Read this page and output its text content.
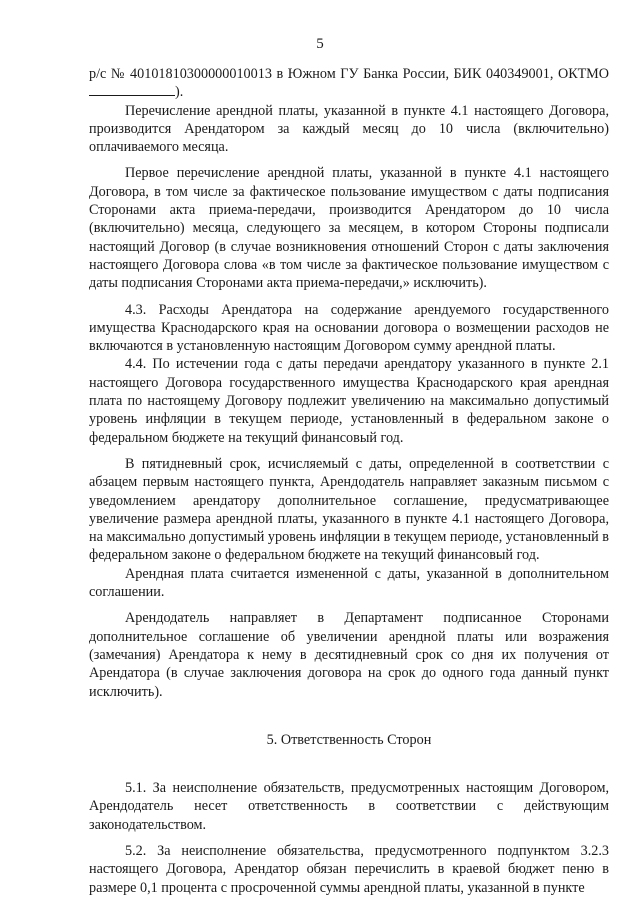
5

р/с № 40101810300000010013 в Южном ГУ Банка России, БИК 040349001, ОКТМО ).

Перечисление арендной платы, указанной в пункте 4.1 настоящего Договора, производится Арендатором за каждый месяц до 10 числа (включительно) оплачиваемого месяца.

Первое перечисление арендной платы, указанной в пункте 4.1 настоящего Договора, в том числе за фактическое пользование имуществом с даты подписания Сторонами акта приема-передачи, производится Арендатором до 10 числа (включительно) месяца, следующего за месяцем, в котором Стороны подписали настоящий Договор (в случае возникновения отношений Сторон с даты заключения настоящего Договора слова «в том числе за фактическое пользование имуществом с даты подписания Сторонами акта приема-передачи,» исключить).

4.3. Расходы Арендатора на содержание арендуемого государственного имущества Краснодарского края на основании договора о возмещении расходов не включаются в установленную настоящим Договором сумму арендной платы.

4.4. По истечении года с даты передачи арендатору указанного в пункте 2.1 настоящего Договора государственного имущества Краснодарского края арендная плата по настоящему Договору подлежит увеличению на максимально допустимый уровень инфляции в текущем периоде, установленный в федеральном законе о федеральном бюджете на текущий финансовый год.

В пятидневный срок, исчисляемый с даты, определенной в соответствии с абзацем первым настоящего пункта, Арендодатель направляет заказным письмом с уведомлением арендатору дополнительное соглашение, предусматривающее увеличение размера арендной платы, указанного в пункте 4.1 настоящего Договора, на максимально допустимый уровень инфляции в текущем периоде, установленный в федеральном законе о федеральном бюджете на текущий финансовый год.

Арендная плата считается измененной с даты, указанной в дополнительном соглашении.

Арендодатель направляет в Департамент подписанное Сторонами дополнительное соглашение об увеличении арендной платы или возражения (замечания) Арендатора к нему в десятидневный срок со дня их получения от Арендатора (в случае заключения договора на срок до одного года данный пункт исключить).

5. Ответственность Сторон

5.1. За неисполнение обязательств, предусмотренных настоящим Договором, Арендодатель несет ответственность в соответствии с действующим законодательством.

5.2. За неисполнение обязательства, предусмотренного подпунктом 3.2.3 настоящего Договора, Арендатор обязан перечислить в краевой бюджет пеню в размере 0,1 процента с просроченной суммы арендной платы, указанной в пункте
